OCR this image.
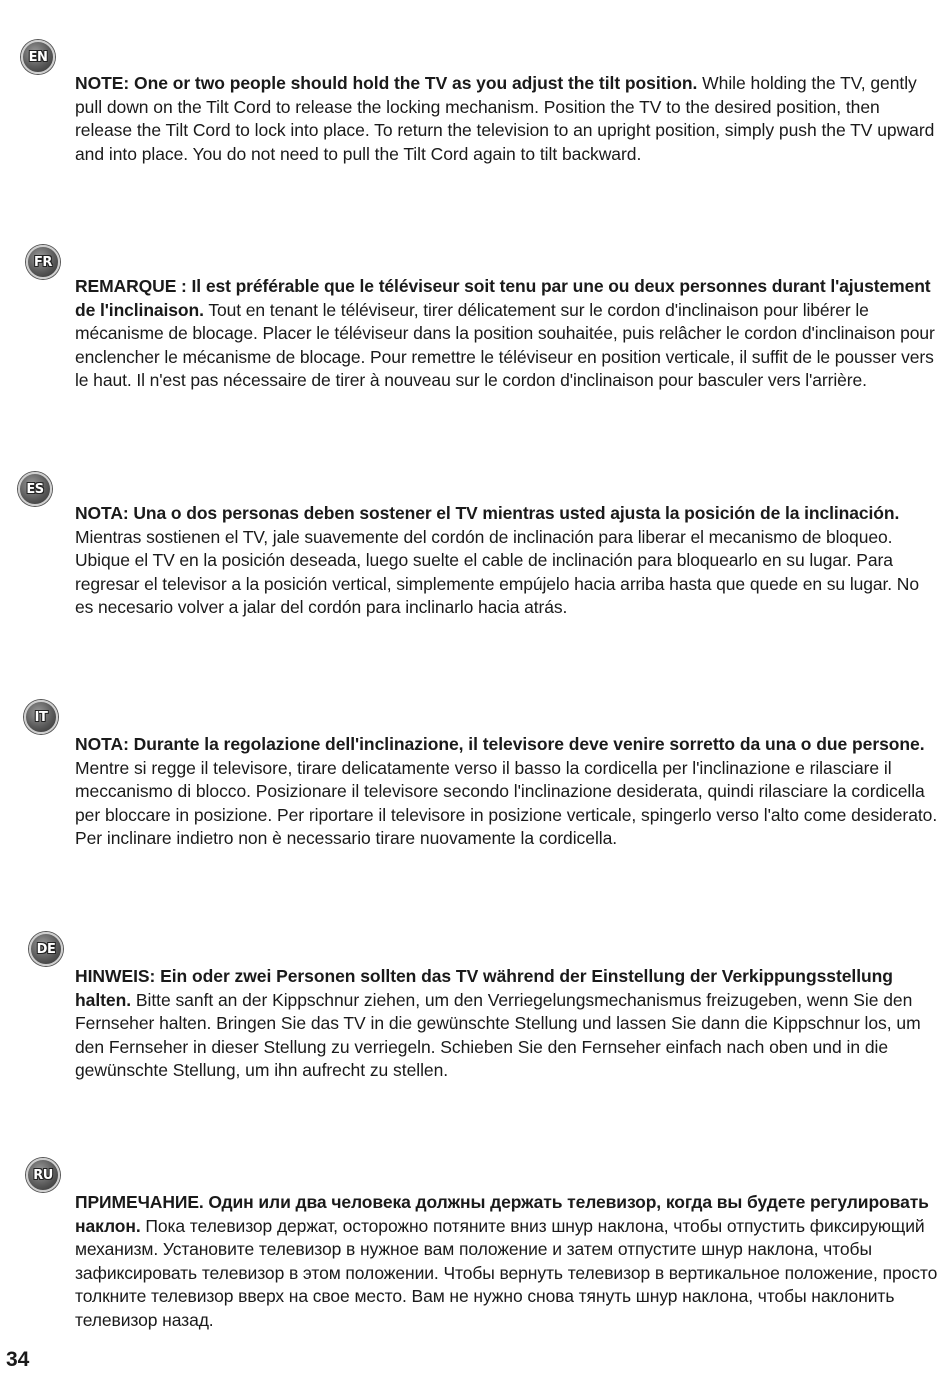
EN

NOTE: One or two people should hold the TV as you adjust the tilt position. While holding the TV, gently pull down on the Tilt Cord to release the locking mechanism. Position the TV to the desired position, then release the Tilt Cord to lock into place. To return the television to an upright position, simply push the TV upward and into place. You do not need to pull the Tilt Cord again to tilt backward.

FR

REMARQUE : Il est préférable que le téléviseur soit tenu par une ou deux personnes durant l'ajustement de l'inclinaison. Tout en tenant le téléviseur, tirer délicatement sur le cordon d'inclinaison pour libérer le mécanisme de blocage. Placer le téléviseur dans la position souhaitée, puis relâcher le cordon d'inclinaison pour enclencher le mécanisme de blocage. Pour remettre le téléviseur en position verticale, il suffit de le pousser vers le haut. Il n'est pas nécessaire de tirer à nouveau sur le cordon d'inclinaison pour basculer vers l'arrière.

ES

NOTA: Una o dos personas deben sostener el TV mientras usted ajusta la posición de la inclinación. Mientras sostienen el TV, jale suavemente del cordón de inclinación para liberar el mecanismo de bloqueo. Ubique el TV en la posición deseada, luego suelte el cable de inclinación para bloquearlo en su lugar. Para regresar el televisor a la posición vertical, simplemente empújelo hacia arriba hasta que quede en su lugar. No es necesario volver a jalar del cordón para inclinarlo hacia atrás.

IT

NOTA: Durante la regolazione dell'inclinazione, il televisore deve venire sorretto da una o due persone. Mentre si regge il televisore, tirare delicatamente verso il basso la cordicella per l'inclinazione e rilasciare il meccanismo di blocco. Posizionare il televisore secondo l'inclinazione desiderata, quindi rilasciare la cordicella per bloccare in posizione. Per riportare il televisore in posizione verticale, spingerlo verso l'alto come desiderato. Per inclinare indietro non è necessario tirare nuovamente la cordicella.

DE

HINWEIS: Ein oder zwei Personen sollten das TV während der Einstellung der Verkippungsstellung halten. Bitte sanft an der Kippschnur ziehen, um den Verriegelungsmechanismus freizugeben, wenn Sie den Fernseher halten. Bringen Sie das TV in die gewünschte Stellung und lassen Sie dann die Kippschnur los, um den Fernseher in dieser Stellung zu verriegeln. Schieben Sie den Fernseher einfach nach oben und in die gewünschte Stellung, um ihn aufrecht zu stellen.

RU

ПРИМЕЧАНИЕ. Один или два человека должны держать телевизор, когда вы будете регулировать наклон. Пока телевизор держат, осторожно потяните вниз шнур наклона, чтобы отпустить фиксирующий механизм. Установите телевизор в нужное вам положение и затем отпустите шнур наклона, чтобы зафиксировать телевизор в этом положении. Чтобы вернуть телевизор в вертикальное положение, просто толкните телевизор вверх на свое место. Вам не нужно снова тянуть шнур наклона, чтобы наклонить телевизор назад.

34
